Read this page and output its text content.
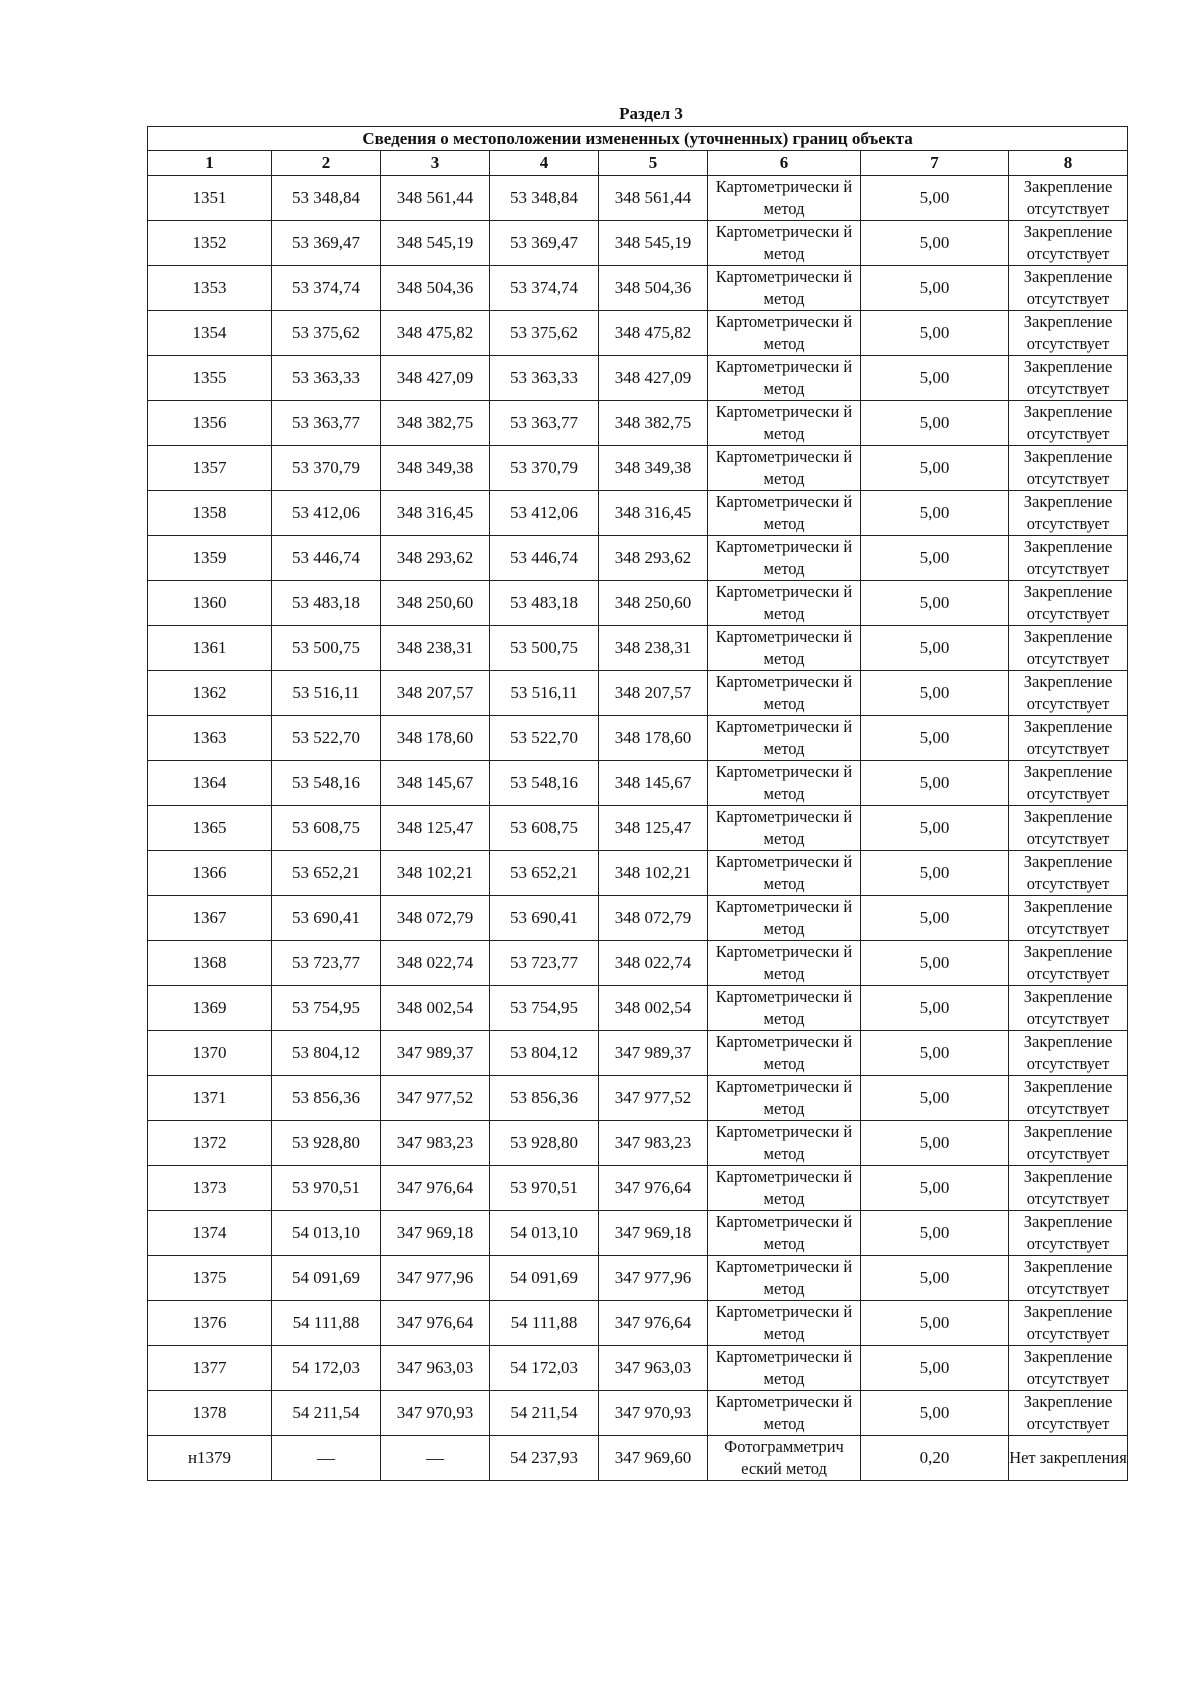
Раздел 3
Сведения о местоположении измененных (уточненных) границ объекта
1	2	3	4	5	6	7	8
1351	53 348,84	348 561,44	53 348,84	348 561,44	Картометрически й метод	5,00	Закрепление отсутствует
1352	53 369,47	348 545,19	53 369,47	348 545,19	Картометрически й метод	5,00	Закрепление отсутствует
1353	53 374,74	348 504,36	53 374,74	348 504,36	Картометрически й метод	5,00	Закрепление отсутствует
1354	53 375,62	348 475,82	53 375,62	348 475,82	Картометрически й метод	5,00	Закрепление отсутствует
1355	53 363,33	348 427,09	53 363,33	348 427,09	Картометрически й метод	5,00	Закрепление отсутствует
1356	53 363,77	348 382,75	53 363,77	348 382,75	Картометрически й метод	5,00	Закрепление отсутствует
1357	53 370,79	348 349,38	53 370,79	348 349,38	Картометрически й метод	5,00	Закрепление отсутствует
1358	53 412,06	348 316,45	53 412,06	348 316,45	Картометрически й метод	5,00	Закрепление отсутствует
1359	53 446,74	348 293,62	53 446,74	348 293,62	Картометрически й метод	5,00	Закрепление отсутствует
1360	53 483,18	348 250,60	53 483,18	348 250,60	Картометрически й метод	5,00	Закрепление отсутствует
1361	53 500,75	348 238,31	53 500,75	348 238,31	Картометрически й метод	5,00	Закрепление отсутствует
1362	53 516,11	348 207,57	53 516,11	348 207,57	Картометрически й метод	5,00	Закрепление отсутствует
1363	53 522,70	348 178,60	53 522,70	348 178,60	Картометрически й метод	5,00	Закрепление отсутствует
1364	53 548,16	348 145,67	53 548,16	348 145,67	Картометрически й метод	5,00	Закрепление отсутствует
1365	53 608,75	348 125,47	53 608,75	348 125,47	Картометрически й метод	5,00	Закрепление отсутствует
1366	53 652,21	348 102,21	53 652,21	348 102,21	Картометрически й метод	5,00	Закрепление отсутствует
1367	53 690,41	348 072,79	53 690,41	348 072,79	Картометрически й метод	5,00	Закрепление отсутствует
1368	53 723,77	348 022,74	53 723,77	348 022,74	Картометрически й метод	5,00	Закрепление отсутствует
1369	53 754,95	348 002,54	53 754,95	348 002,54	Картометрически й метод	5,00	Закрепление отсутствует
1370	53 804,12	347 989,37	53 804,12	347 989,37	Картометрически й метод	5,00	Закрепление отсутствует
1371	53 856,36	347 977,52	53 856,36	347 977,52	Картометрически й метод	5,00	Закрепление отсутствует
1372	53 928,80	347 983,23	53 928,80	347 983,23	Картометрически й метод	5,00	Закрепление отсутствует
1373	53 970,51	347 976,64	53 970,51	347 976,64	Картометрически й метод	5,00	Закрепление отсутствует
1374	54 013,10	347 969,18	54 013,10	347 969,18	Картометрически й метод	5,00	Закрепление отсутствует
1375	54 091,69	347 977,96	54 091,69	347 977,96	Картометрически й метод	5,00	Закрепление отсутствует
1376	54 111,88	347 976,64	54 111,88	347 976,64	Картометрически й метод	5,00	Закрепление отсутствует
1377	54 172,03	347 963,03	54 172,03	347 963,03	Картометрически й метод	5,00	Закрепление отсутствует
1378	54 211,54	347 970,93	54 211,54	347 970,93	Картометрически й метод	5,00	Закрепление отсутствует
н1379	—	—	54 237,93	347 969,60	Фотограмметрич еский метод	0,20	Нет закрепления
